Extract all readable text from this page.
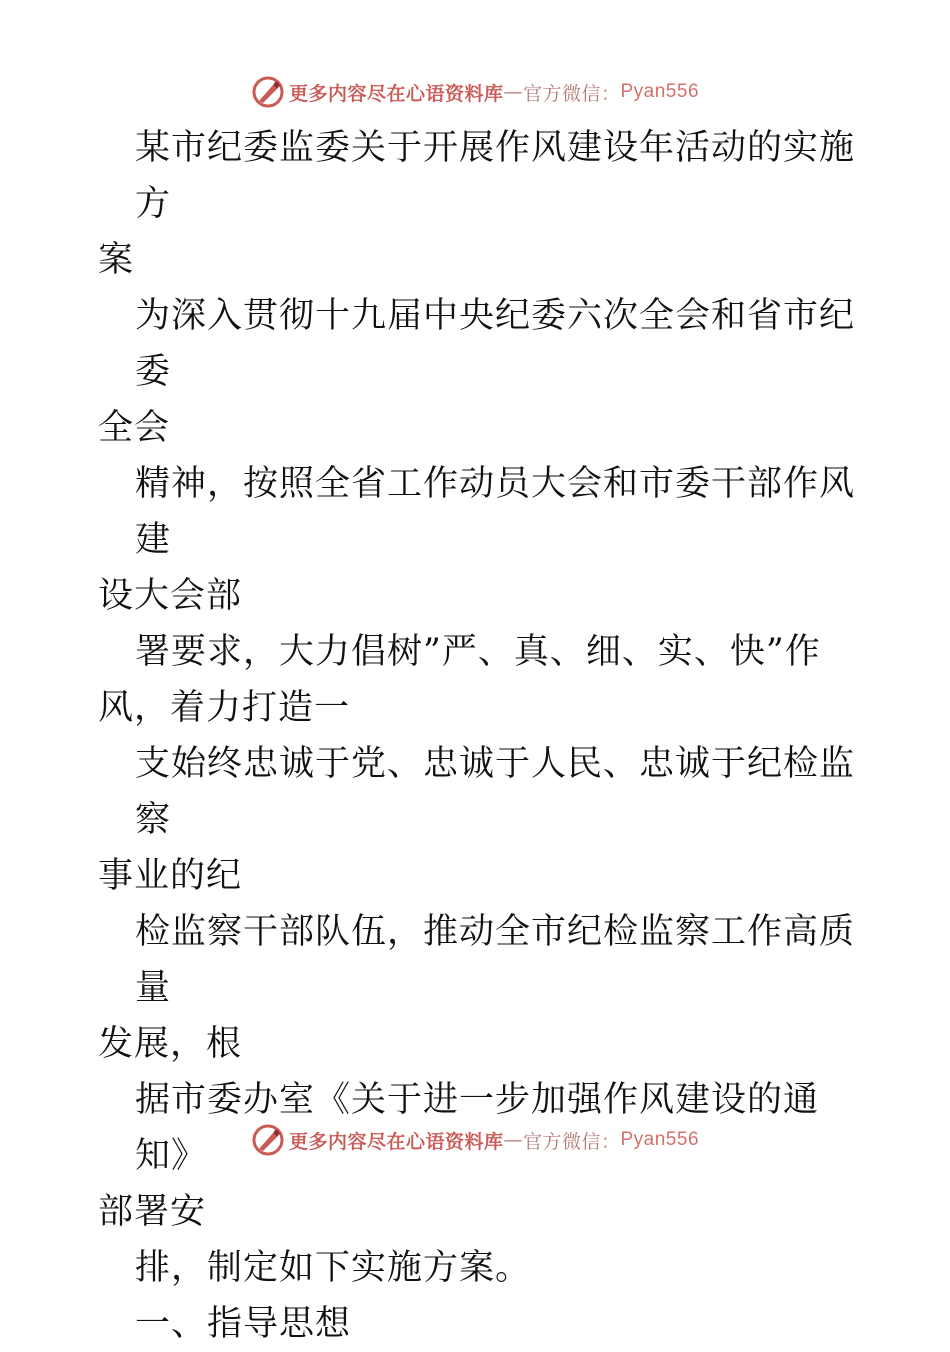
更多内容尽在心语资料库 — 官方微信： Pyan556

某市纪委监委关于开展作风建设年活动的实施方
案

为深入贯彻十九届中央纪委六次全会和省市纪委
全会

精神，按照全省工作动员大会和市委干部作风建
设大会部

署要求，大力倡树”严、真、细、实、快”作
风，着力打造一

支始终忠诚于党、忠诚于人民、忠诚于纪检监察
事业的纪

检监察干部队伍，推动全市纪检监察工作高质量
发展，根

据市委办室《关于进一步加强作风建设的通知》
部署安

排，制定如下实施方案。

一、指导思想

更多内容尽在心语资料库 — 官方微信： Pyan556
